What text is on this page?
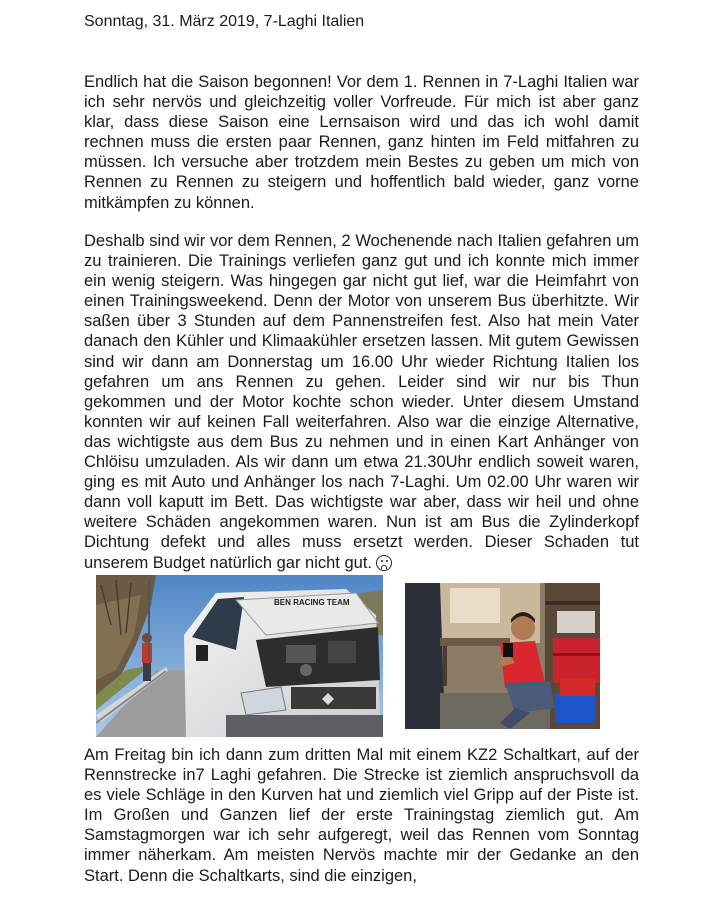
Sonntag, 31. März 2019, 7-Laghi Italien

Endlich hat die Saison begonnen! Vor dem 1. Rennen in 7-Laghi Italien war ich sehr nervös und gleichzeitig voller Vorfreude. Für mich ist aber ganz klar, dass diese Saison eine Lernsaison wird und das ich wohl damit rechnen muss die ersten paar Rennen, ganz hinten im Feld mitfahren zu müssen. Ich versuche aber trotzdem mein Bestes zu geben um mich von Rennen zu Rennen zu steigern und hoffentlich bald wieder, ganz vorne mitkämpfen zu können.

Deshalb sind wir vor dem Rennen, 2 Wochenende nach Italien gefahren um zu trainieren. Die Trainings verliefen ganz gut und ich konnte mich immer ein wenig steigern. Was hingegen gar nicht gut lief, war die Heimfahrt von einen Trainingsweekend. Denn der Motor von unserem Bus überhitzte. Wir saßen über 3 Stunden auf dem Pannenstreifen fest. Also hat mein Vater danach den Kühler und Klimaakühler ersetzen lassen. Mit gutem Gewissen sind wir dann am Donnerstag um 16.00 Uhr wieder Richtung Italien los gefahren um ans Rennen zu gehen. Leider sind wir nur bis Thun gekommen und der Motor kochte schon wieder. Unter diesem Umstand konnten wir auf keinen Fall weiterfahren. Also war die einzige Alternative, das wichtigste aus dem Bus zu nehmen und in einen Kart Anhänger von Chlöisu umzuladen. Als wir dann um etwa 21.30Uhr endlich soweit waren, ging es mit Auto und Anhänger los nach 7-Laghi. Um 02.00 Uhr waren wir dann voll kaputt im Bett. Das wichtigste war aber, dass wir heil und ohne weitere Schäden angekommen waren. Nun ist am Bus die Zylinderkopf Dichtung defekt und alles muss ersetzt werden. Dieser Schaden tut unserem Budget natürlich gar nicht gut.

BEN RACING TEAM

Am Freitag bin ich dann zum dritten Mal mit einem KZ2 Schaltkart, auf der Rennstrecke in7 Laghi gefahren. Die Strecke ist ziemlich anspruchsvoll da es viele Schläge in den Kurven hat und ziemlich viel Gripp auf der Piste ist. Im Großen und Ganzen lief der erste Trainingstag ziemlich gut. Am Samstagmorgen war ich sehr aufgeregt, weil das Rennen vom Sonntag immer näherkam. Am meisten Nervös machte mir der Gedanke an den Start. Denn die Schaltkarts, sind die einzigen,
